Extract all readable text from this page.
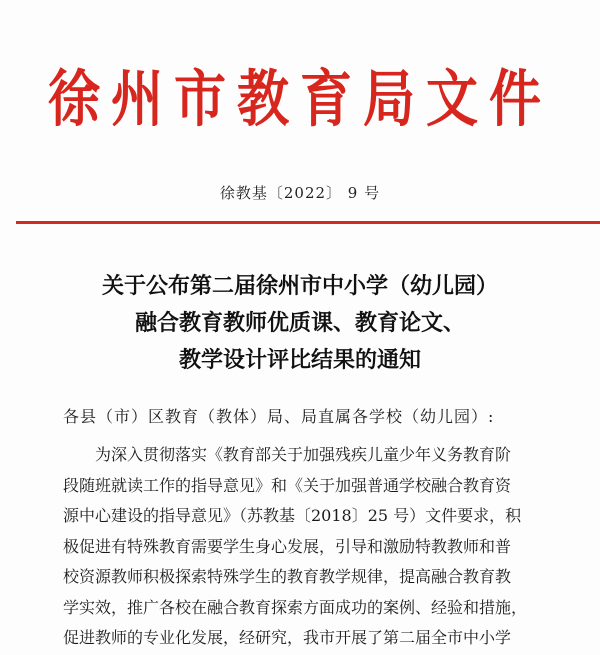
徐州市教育局文件
徐教基〔2022〕 9 号
关于公布第二届徐州市中小学（幼儿园）
融合教育教师优质课、教育论文、
教学设计评比结果的通知
各县（市）区教育（教体）局、局直属各学校（幼儿园）:
为深入贯彻落实《教育部关于加强残疾儿童少年义务教育阶
段随班就读工作的指导意见》和《关于加强普通学校融合教育资
源中心建设的指导意见》（苏教基〔2018〕25 号）文件要求，积
极促进有特殊教育需要学生身心发展，引导和激励特教教师和普
校资源教师积极探索特殊学生的教育教学规律，提高融合教育教
学实效，推广各校在融合教育探索方面成功的案例、经验和措施，
促进教师的专业化发展，经研究，我市开展了第二届全市中小学
